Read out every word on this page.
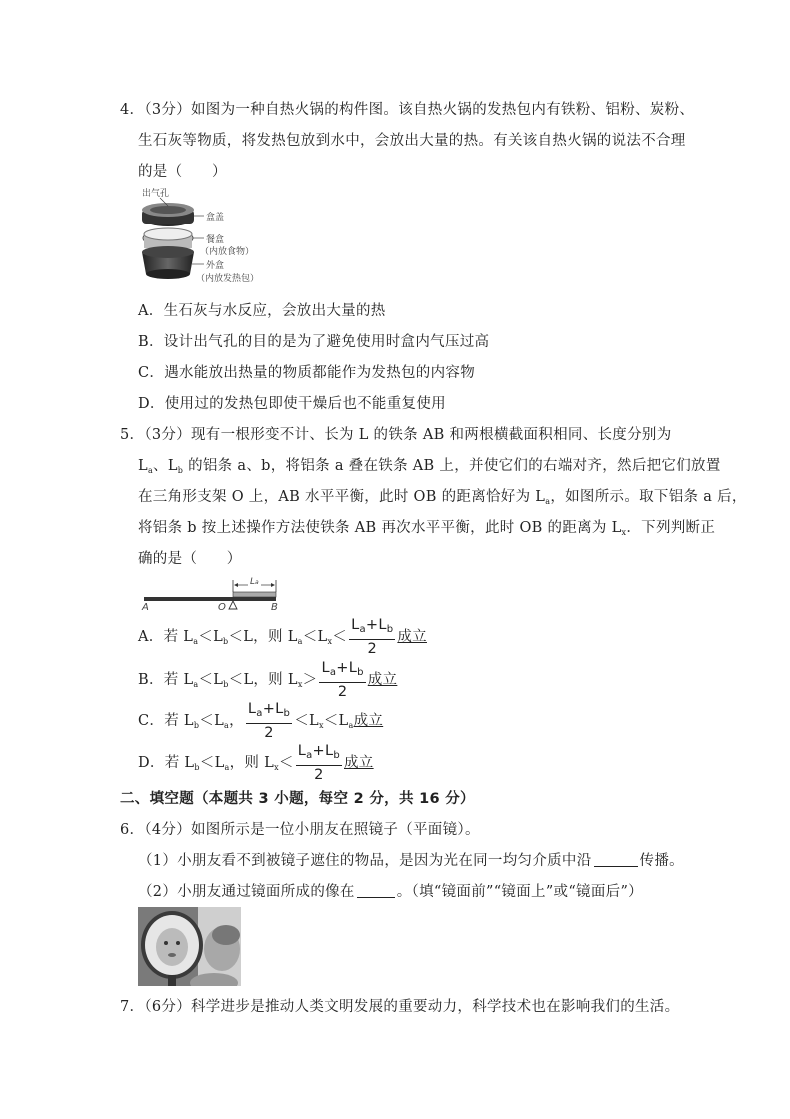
4．（3分）如图为一种自热火锅的构件图。该自热火锅的发热包内有铁粉、铝粉、炭粉、
生石灰等物质，将发热包放到水中，会放出大量的热。有关该自热火锅的说法不合理
的是（　　）
出气孔
盒盖
餐盒
（内放食物）
外盒
（内放发热包）
A．生石灰与水反应，会放出大量的热
B．设计出气孔的目的是为了避免使用时盒内气压过高
C．遇水能放出热量的物质都能作为发热包的内容物
D．使用过的发热包即使干燥后也不能重复使用
5．（3分）现有一根形变不计、长为 L 的铁条 AB 和两根横截面积相同、长度分别为
$L_a$、$L_b$ 的铝条 a、b，将铝条 a 叠在铁条 AB 上，并使它们的右端对齐，然后把它们放置
在三角形支架 O 上，AB 水平平衡，此时 OB 的距离恰好为 $L_a$，如图所示。取下铝条 a 后，
将铝条 b 按上述操作方法使铁条 AB 再次水平平衡，此时 OB 的距离为 $L_x$．下列判断正
确的是（　　）
La
A	O	B
A．若 $L_a<L_b<L$，则 $L_a<L_x< \frac{L_a+L_b}{2}$ 成立
B．若 $L_a<L_b<L$，则 $L_x> \frac{L_a+L_b}{2}$ 成立
C．若 $L_b<L_a$， $\frac{L_a+L_b}{2} <L_x<L_a$成立
D．若 $L_b<L_a$，则 $L_x< \frac{L_a+L_b}{2}$ 成立
二、填空题（本题共 3 小题，每空 2 分，共 16 分）
6．（4分）如图所示是一位小朋友在照镜子（平面镜）。
（1）小朋友看不到被镜子遮住的物品，是因为光在同一均匀介质中沿	传播。
（2）小朋友通过镜面所成的像在	。（填“镜面前”“镜面上”或“镜面后”）
7．（6分）科学进步是推动人类文明发展的重要动力，科学技术也在影响我们的生活。
